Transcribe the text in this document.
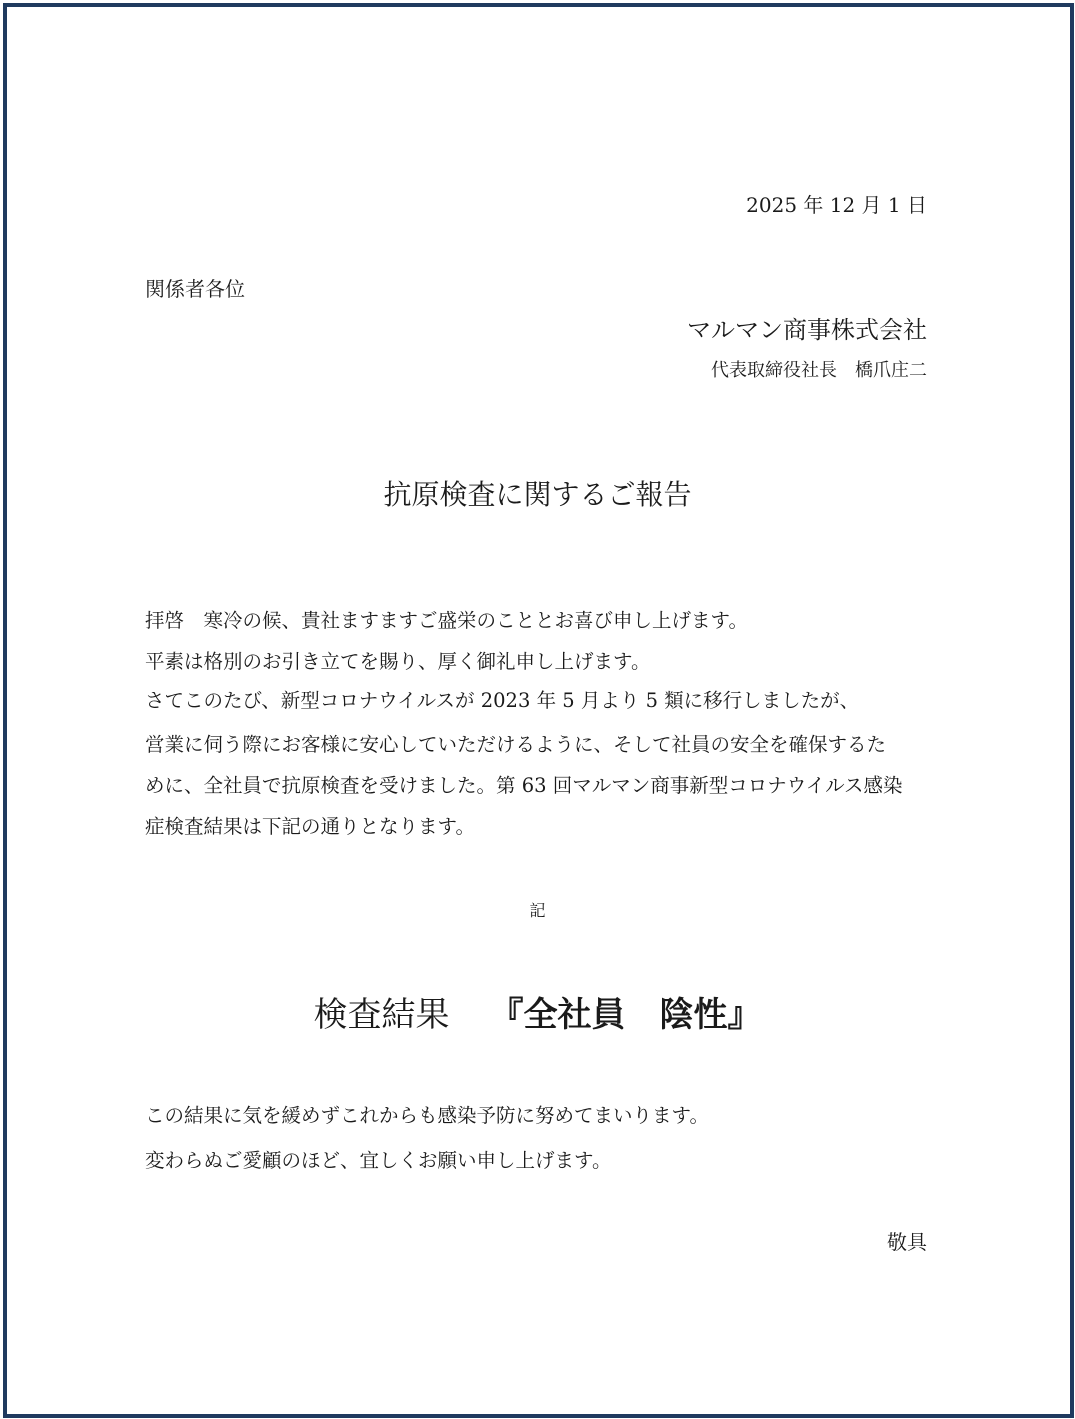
2025 年 12 月 1 日
関係者各位
マルマン商事株式会社
代表取締役社長　橋爪庄二
抗原検査に関するご報告
拝啓　寒冷の候、貴社ますますご盛栄のこととお喜び申し上げます。
平素は格別のお引き立てを賜り、厚く御礼申し上げます。
さてこのたび、新型コロナウイルスが 2023 年 5 月より 5 類に移行しましたが、
営業に伺う際にお客様に安心していただけるように、そして社員の安全を確保するた
めに、全社員で抗原検査を受けました。第 63 回マルマン商事新型コロナウイルス感染
症検査結果は下記の通りとなります。
記
検査結果 『全社員　陰性』
この結果に気を緩めずこれからも感染予防に努めてまいります。
変わらぬご愛顧のほど、宜しくお願い申し上げます。
敬具
